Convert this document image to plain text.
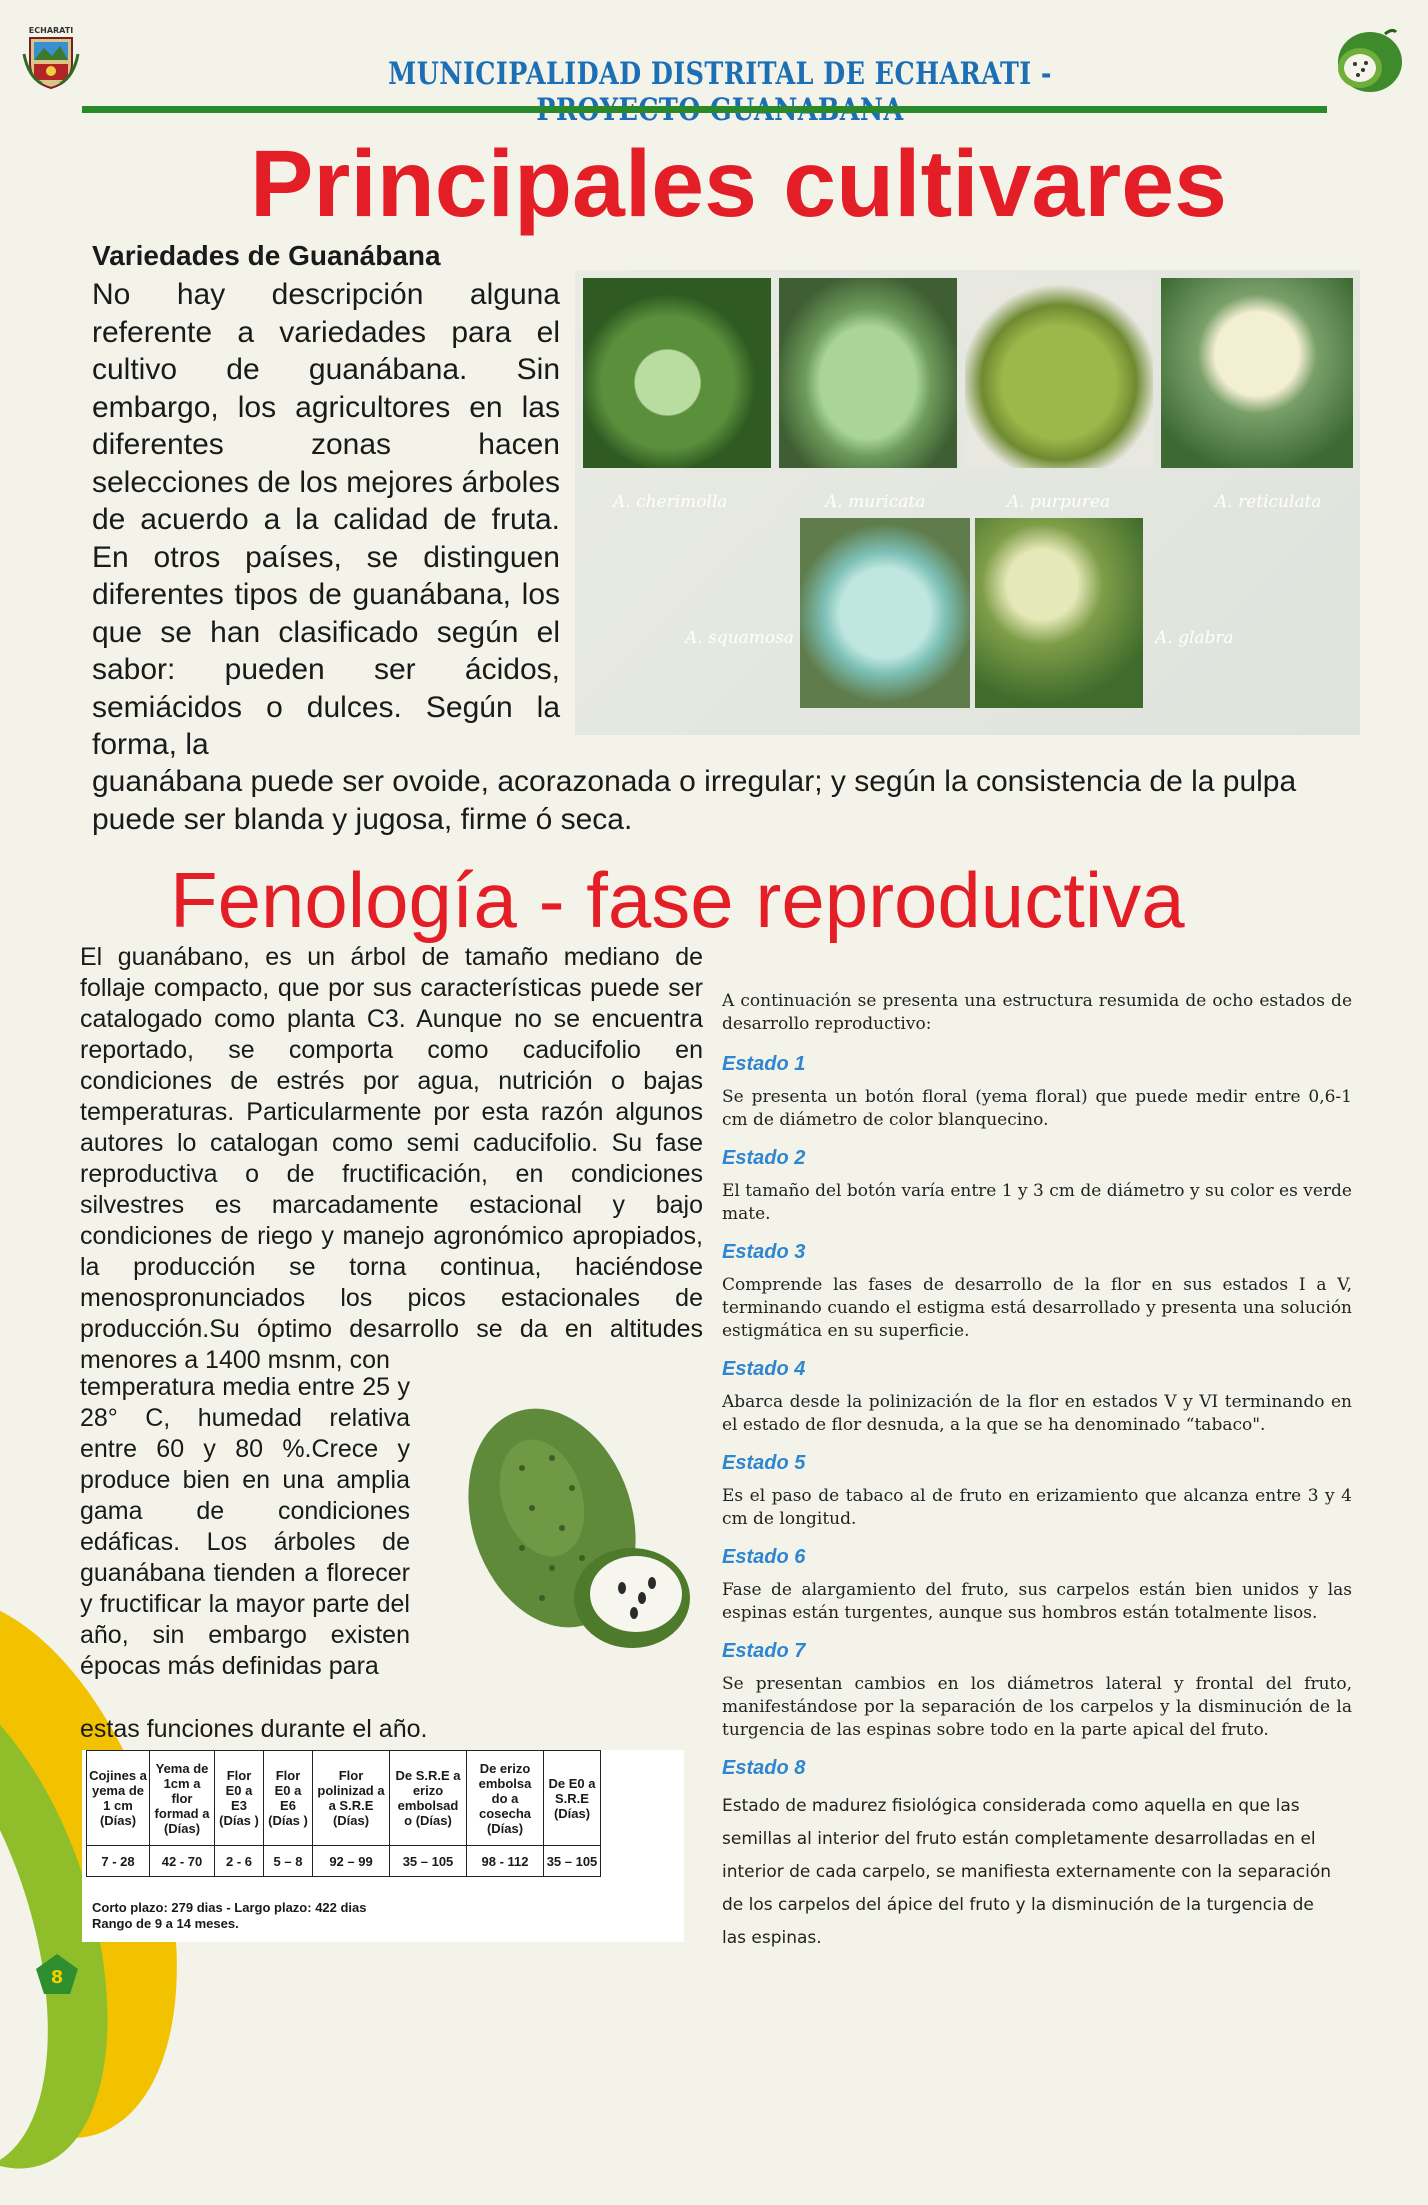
ECHARATI
MUNICIPALIDAD DISTRITAL DE ECHARATI -
Principales cultivares
Variedades de Guanábana
No hay descripción alguna referente a variedades para el cultivo de guanábana. Sin embargo, los agricultores en las diferentes zonas hacen selecciones de los mejores árboles de acuerdo a la calidad de fruta. En otros países, se distinguen diferentes tipos de guanábana, los que se han clasificado según el sabor: pueden ser ácidos, semiácidos o dulces. Según la forma, la
guanábana puede ser ovoide, acorazonada o irregular; y según la consistencia de la pulpa puede ser blanda y jugosa, firme ó seca.
A. cherimolla	A. muricata	A. purpurea	A. reticulata
A. squamosa	A. glabra
Fenología - fase reproductiva
El guanábano, es un árbol de tamaño mediano de follaje compacto, que por sus características puede ser catalogado como planta C3. Aunque no se encuentra reportado, se comporta como caducifolio en condiciones de estrés por agua, nutrición o bajas temperaturas. Particularmente por esta razón algunos autores lo catalogan como semi caducifolio. Su fase reproductiva o de fructificación, en condiciones silvestres es marcadamente estacional y bajo condiciones de riego y manejo agronómico apropiados, la producción se torna continua, haciéndose menospronunciados los picos estacionales de producción.Su óptimo desarrollo se da en altitudes menores a 1400 msnm, con
temperatura media entre 25 y 28° C, humedad relativa entre 60 y 80 %.Crece y produce bien en una amplia gama de condiciones edáficas. Los árboles de guanábana tienden a florecer y fructificar la mayor parte del año, sin embargo existen épocas más definidas para
estas funciones durante el año.
Cojines a yema de 1 cm (Días)	Yema de 1cm a flor formad a (Días)	Flor E0 a E3 (Días )	Flor E0 a E6 (Días )	Flor polinizad a a S.R.E (Días)	De S.R.E a erizo embolsad o (Días)	De erizo embolsa do a cosecha (Días)	De E0 a S.R.E (Días)
7 - 28	42 - 70	2 - 6	5 – 8	92 – 99	35 – 105	98 - 112	35 – 105
Corto plazo: 279 dias - Largo plazo: 422 dias
Rango de 9 a 14 meses.
A continuación se presenta una estructura resumida de ocho estados de desarrollo reproductivo:
Estado 1
Se presenta un botón floral (yema floral) que puede medir entre 0,6-1 cm de diámetro de color blanquecino.
Estado 2
El tamaño del botón varía entre 1 y 3 cm de diámetro y su color es verde mate.
Estado 3
Comprende las fases de desarrollo de la flor en sus estados I a V, terminando cuando el estigma está desarrollado y presenta una solución estigmática en su superficie.
Estado 4
Abarca desde la polinización de la flor en estados V y VI terminando en el estado de flor desnuda, a la que se ha denominado “tabaco".
Estado 5
Es el paso de tabaco al de fruto en erizamiento que alcanza entre 3 y 4 cm de longitud.
Estado 6
Fase de alargamiento del fruto, sus carpelos están bien unidos y las espinas están turgentes, aunque sus hombros están totalmente lisos.
Estado 7
Se presentan cambios en los diámetros lateral y frontal del fruto, manifestándose por la separación de los carpelos y la disminución de la turgencia de las espinas sobre todo en la parte apical del fruto.
Estado 8
Estado de madurez fisiológica considerada como aquella en que las semillas al interior del fruto están completamente desarrolladas en el interior de cada carpelo, se manifiesta externamente con la separación de los carpelos del ápice del fruto y la disminución de la turgencia de las espinas.
8
